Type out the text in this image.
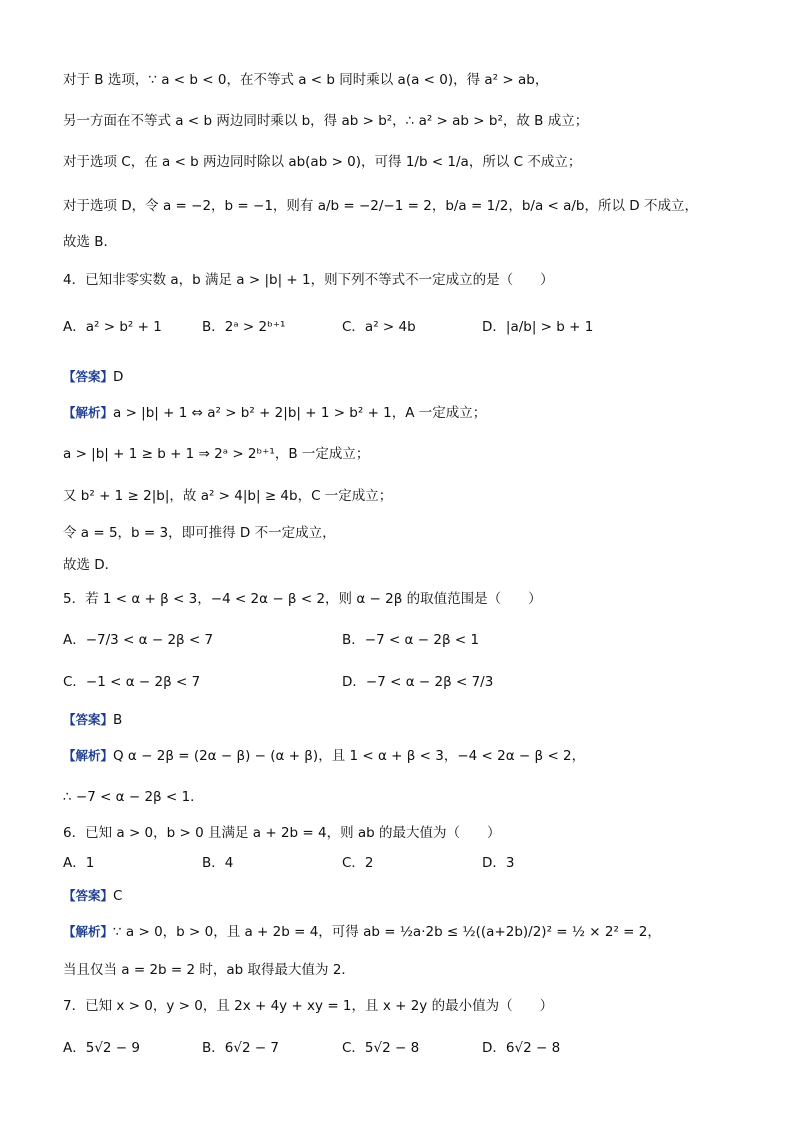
对于 B 选项，∵ a < b < 0，在不等式 a < b 同时乘以 a(a < 0)，得 a² > ab，
另一方面在不等式 a < b 两边同时乘以 b，得 ab > b²，∴ a² > ab > b²，故 B 成立；
对于选项 C，在 a < b 两边同时除以 ab(ab > 0)，可得 1/b < 1/a，所以 C 不成立；
对于选项 D，令 a = −2，b = −1，则有 a/b = −2/−1 = 2，b/a = 1/2，b/a < a/b，所以 D 不成立，
故选 B．
4．已知非零实数 a，b 满足 a > |b| + 1，则下列不等式不一定成立的是（　　）
A．a² > b² + 1	B．2ᵃ > 2ᵇ⁺¹	C．a² > 4b	D．|a/b| > b + 1
【答案】D
【解析】a > |b| + 1 ⇔ a² > b² + 2|b| + 1 > b² + 1，A 一定成立；
a > |b| + 1 ≥ b + 1 ⇒ 2ᵃ > 2ᵇ⁺¹，B 一定成立；
又 b² + 1 ≥ 2|b|，故 a² > 4|b| ≥ 4b，C 一定成立；
令 a = 5，b = 3，即可推得 D 不一定成立，
故选 D．
5．若 1 < α + β < 3，−4 < 2α − β < 2，则 α − 2β 的取值范围是（　　）
A．−7/3 < α − 2β < 7	B．−7 < α − 2β < 1
C．−1 < α − 2β < 7	D．−7 < α − 2β < 7/3
【答案】B
【解析】Q α − 2β = (2α − β) − (α + β)，且 1 < α + β < 3，−4 < 2α − β < 2，
∴ −7 < α − 2β < 1．
6．已知 a > 0，b > 0 且满足 a + 2b = 4，则 ab 的最大值为（　　）
A．1	B．4	C．2	D．3
【答案】C
【解析】∵ a > 0，b > 0，且 a + 2b = 4，可得 ab = ½a·2b ≤ ½((a+2b)/2)² = ½ × 2² = 2，
当且仅当 a = 2b = 2 时，ab 取得最大值为 2．
7．已知 x > 0，y > 0，且 2x + 4y + xy = 1，且 x + 2y 的最小值为（　　）
A．5√2 − 9	B．6√2 − 7	C．5√2 − 8	D．6√2 − 8
